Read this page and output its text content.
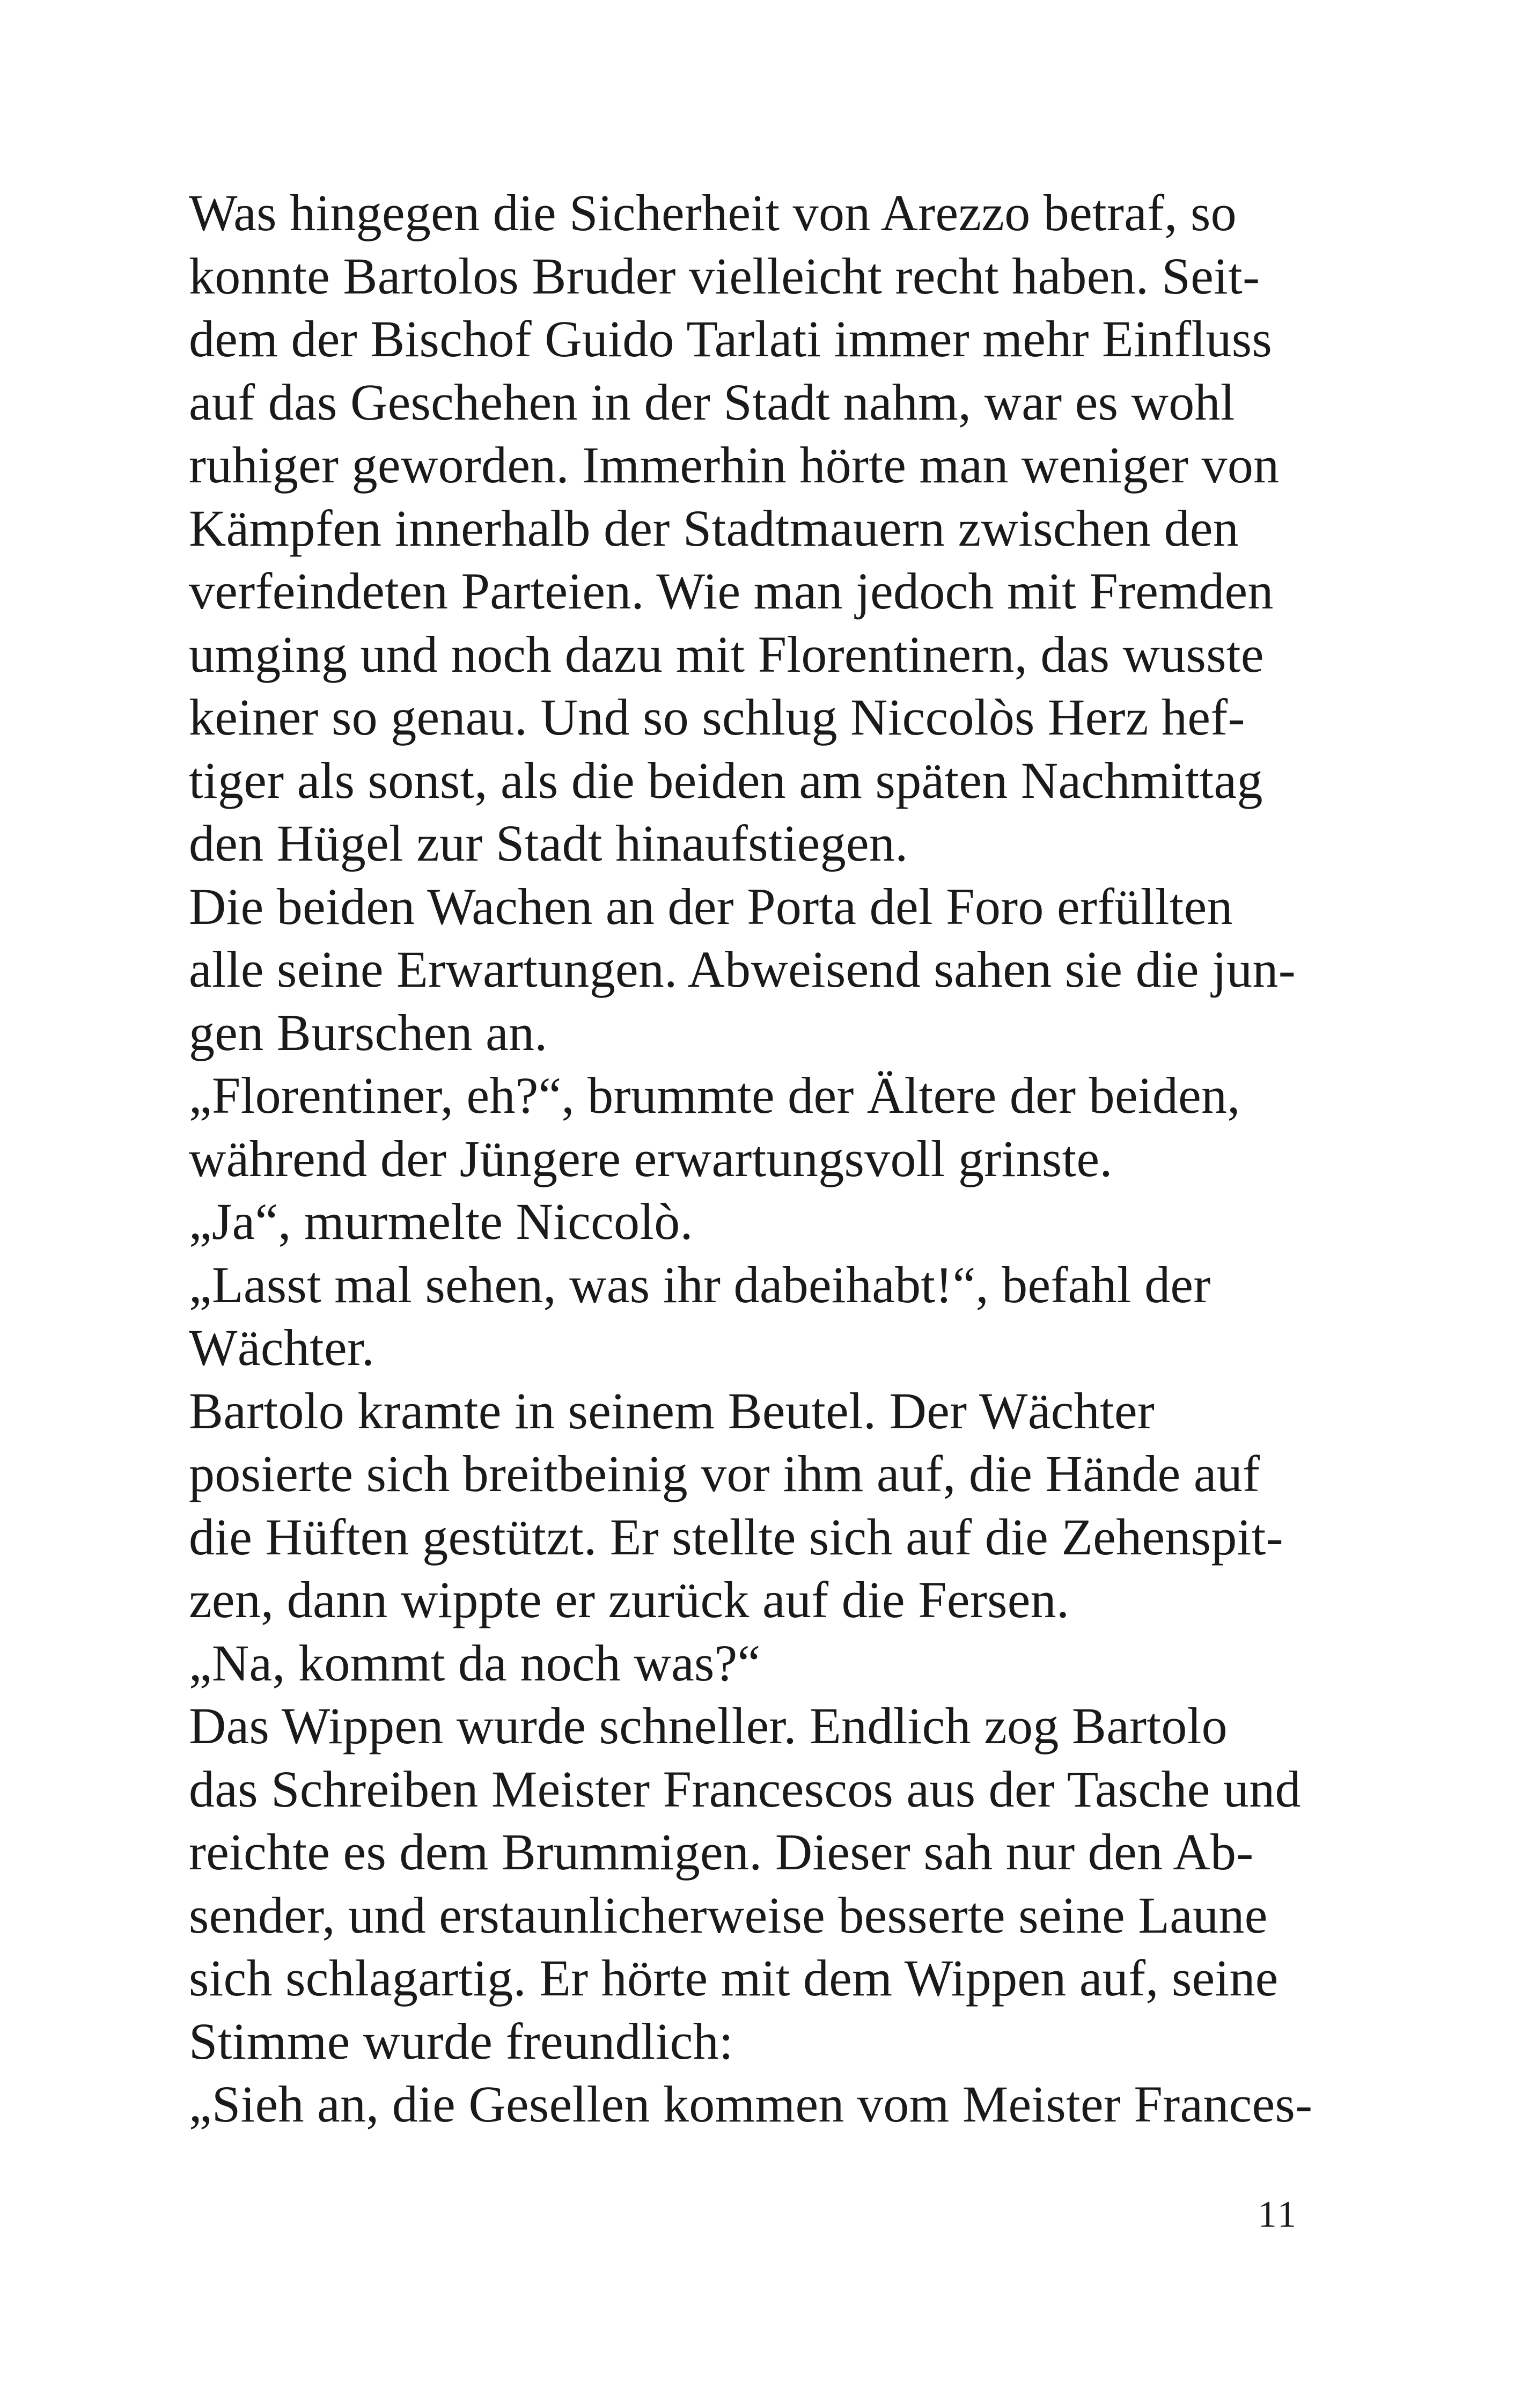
Was hingegen die Sicherheit von Arezzo betraf, so
konnte Bartolos Bruder vielleicht recht haben. Seit-
dem der Bischof Guido Tarlati immer mehr Einfluss
auf das Geschehen in der Stadt nahm, war es wohl
ruhiger geworden. Immerhin hörte man weniger von
Kämpfen innerhalb der Stadtmauern zwischen den
verfeindeten Parteien. Wie man jedoch mit Fremden
umging und noch dazu mit Florentinern, das wusste
keiner so genau. Und so schlug Niccolòs Herz hef-
tiger als sonst, als die beiden am späten Nachmittag
den Hügel zur Stadt hinaufstiegen.
Die beiden Wachen an der Porta del Foro erfüllten
alle seine Erwartungen. Abweisend sahen sie die jun-
gen Burschen an.
„Florentiner, eh?“, brummte der Ältere der beiden,
während der Jüngere erwartungsvoll grinste.
„Ja“, murmelte Niccolò.
„Lasst mal sehen, was ihr dabeihabt!“, befahl der
Wächter.
Bartolo kramte in seinem Beutel. Der Wächter
posierte sich breitbeinig vor ihm auf, die Hände auf
die Hüften gestützt. Er stellte sich auf die Zehenspit-
zen, dann wippte er zurück auf die Fersen.
„Na, kommt da noch was?“
Das Wippen wurde schneller. Endlich zog Bartolo
das Schreiben Meister Francescos aus der Tasche und
reichte es dem Brummigen. Dieser sah nur den Ab-
sender, und erstaunlicherweise besserte seine Laune
sich schlagartig. Er hörte mit dem Wippen auf, seine
Stimme wurde freundlich:
„Sieh an, die Gesellen kommen vom Meister Frances-
11
